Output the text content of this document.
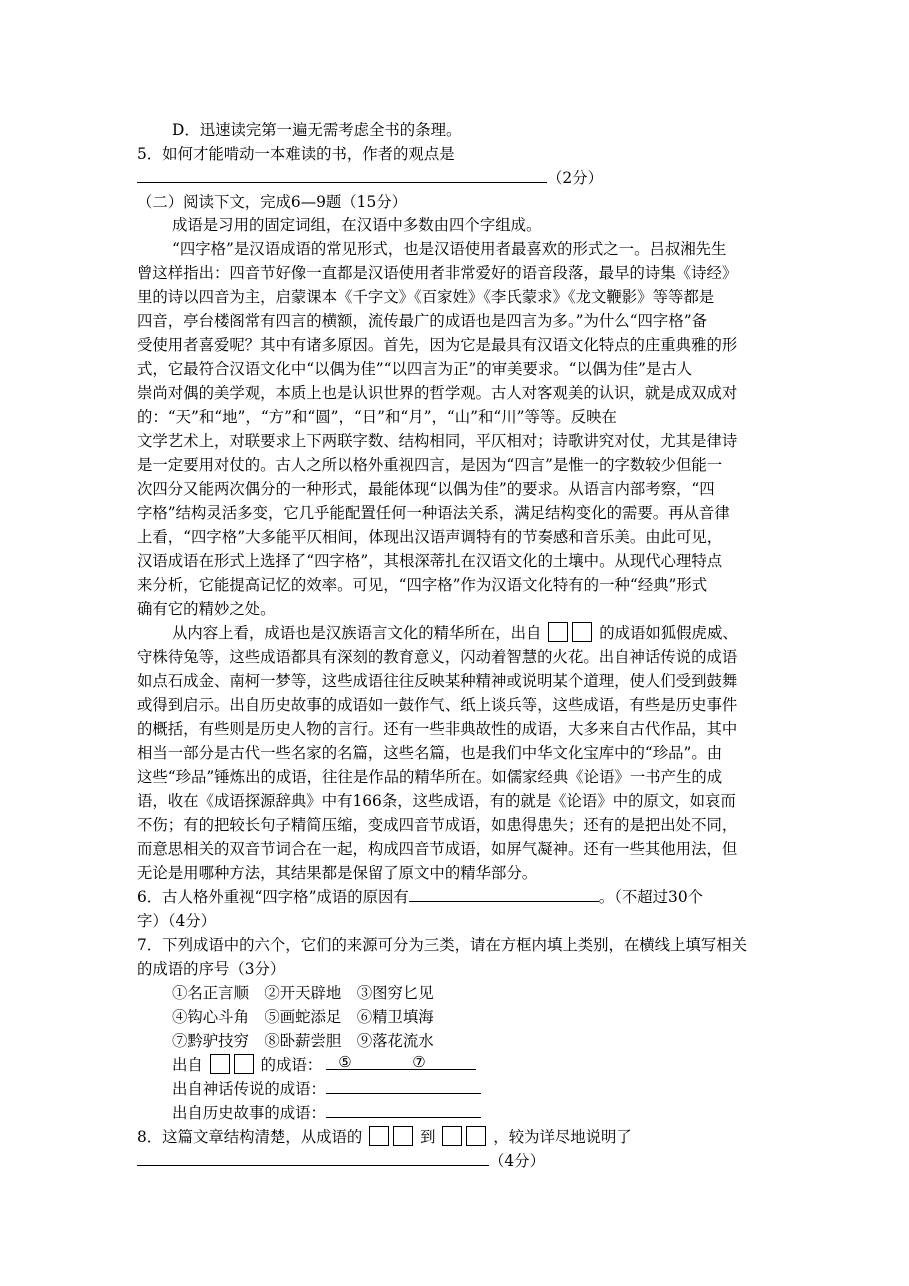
D．迅速读完第一遍无需考虑全书的条理。
5．如何才能啃动一本难读的书，作者的观点是
（2分）
（二）阅读下文，完成6—9题（15分）
成语是习用的固定词组，在汉语中多数由四个字组成。
“四字格”是汉语成语的常见形式，也是汉语使用者最喜欢的形式之一。吕叔湘先生
曾这样指出：四音节好像一直都是汉语使用者非常爱好的语音段落，最早的诗集《诗经》
里的诗以四音为主，启蒙课本《千字文》《百家姓》《李氏蒙求》《龙文鞭影》等等都是
四音，亭台楼阁常有四言的横额，流传最广的成语也是四言为多。”为什么“四字格”备
受使用者喜爱呢？其中有诸多原因。首先，因为它是最具有汉语文化特点的庄重典雅的形
式，它最符合汉语文化中“以偶为佳”“以四言为正”的审美要求。“以偶为佳”是古人
崇尚对偶的美学观，本质上也是认识世界的哲学观。古人对客观美的认识，就是成双成对
的：“天”和“地”，“方”和“圆”，“日”和“月”，“山”和“川”等等。反映在
文学艺术上，对联要求上下两联字数、结构相同，平仄相对；诗歌讲究对仗，尤其是律诗
是一定要用对仗的。古人之所以格外重视四言，是因为“四言”是惟一的字数较少但能一
次四分又能两次偶分的一种形式，最能体现“以偶为佳”的要求。从语言内部考察，“四
字格”结构灵活多变，它几乎能配置任何一种语法关系，满足结构变化的需要。再从音律
上看，“四字格”大多能平仄相间，体现出汉语声调特有的节奏感和音乐美。由此可见，
汉语成语在形式上选择了“四字格”，其根深蒂扎在汉语文化的土壤中。从现代心理特点
来分析，它能提高记忆的效率。可见，“四字格”作为汉语文化特有的一种“经典”形式
确有它的精妙之处。
从内容上看，成语也是汉族语言文化的精华所在，出自	的成语如狐假虎威、
守株待兔等，这些成语都具有深刻的教育意义，闪动着智慧的火花。出自神话传说的成语
如点石成金、南柯一梦等，这些成语往往反映某种精神或说明某个道理，使人们受到鼓舞
或得到启示。出自历史故事的成语如一鼓作气、纸上谈兵等，这些成语，有些是历史事件
的概括，有些则是历史人物的言行。还有一些非典故性的成语，大多来自古代作品，其中
相当一部分是古代一些名家的名篇，这些名篇，也是我们中华文化宝库中的“珍品”。由
这些“珍品”锤炼出的成语，往往是作品的精华所在。如儒家经典《论语》一书产生的成
语，收在《成语探源辞典》中有166条，这些成语，有的就是《论语》中的原文，如哀而
不伤；有的把较长句子精简压缩，变成四音节成语，如患得患失；还有的是把出处不同，
而意思相关的双音节词合在一起，构成四音节成语，如屏气凝神。还有一些其他用法，但
无论是用哪种方法，其结果都是保留了原文中的精华部分。
6．古人格外重视“四字格”成语的原因有	。（不超过30个
字）（4分）
7．下列成语中的六个，它们的来源可分为三类，请在方框内填上类别，在横线上填写相关
的成语的序号（3分）
①名正言顺　②开天辟地　③图穷匕见
④钩心斗角　⑤画蛇添足　⑥精卫填海
⑦黔驴技穷　⑧卧薪尝胆　⑨落花流水
出自	的成语： ⑤	⑦
出自神话传说的成语：
出自历史故事的成语：
8．这篇文章结构清楚，从成语的	到	，较为详尽地说明了
（4分）
